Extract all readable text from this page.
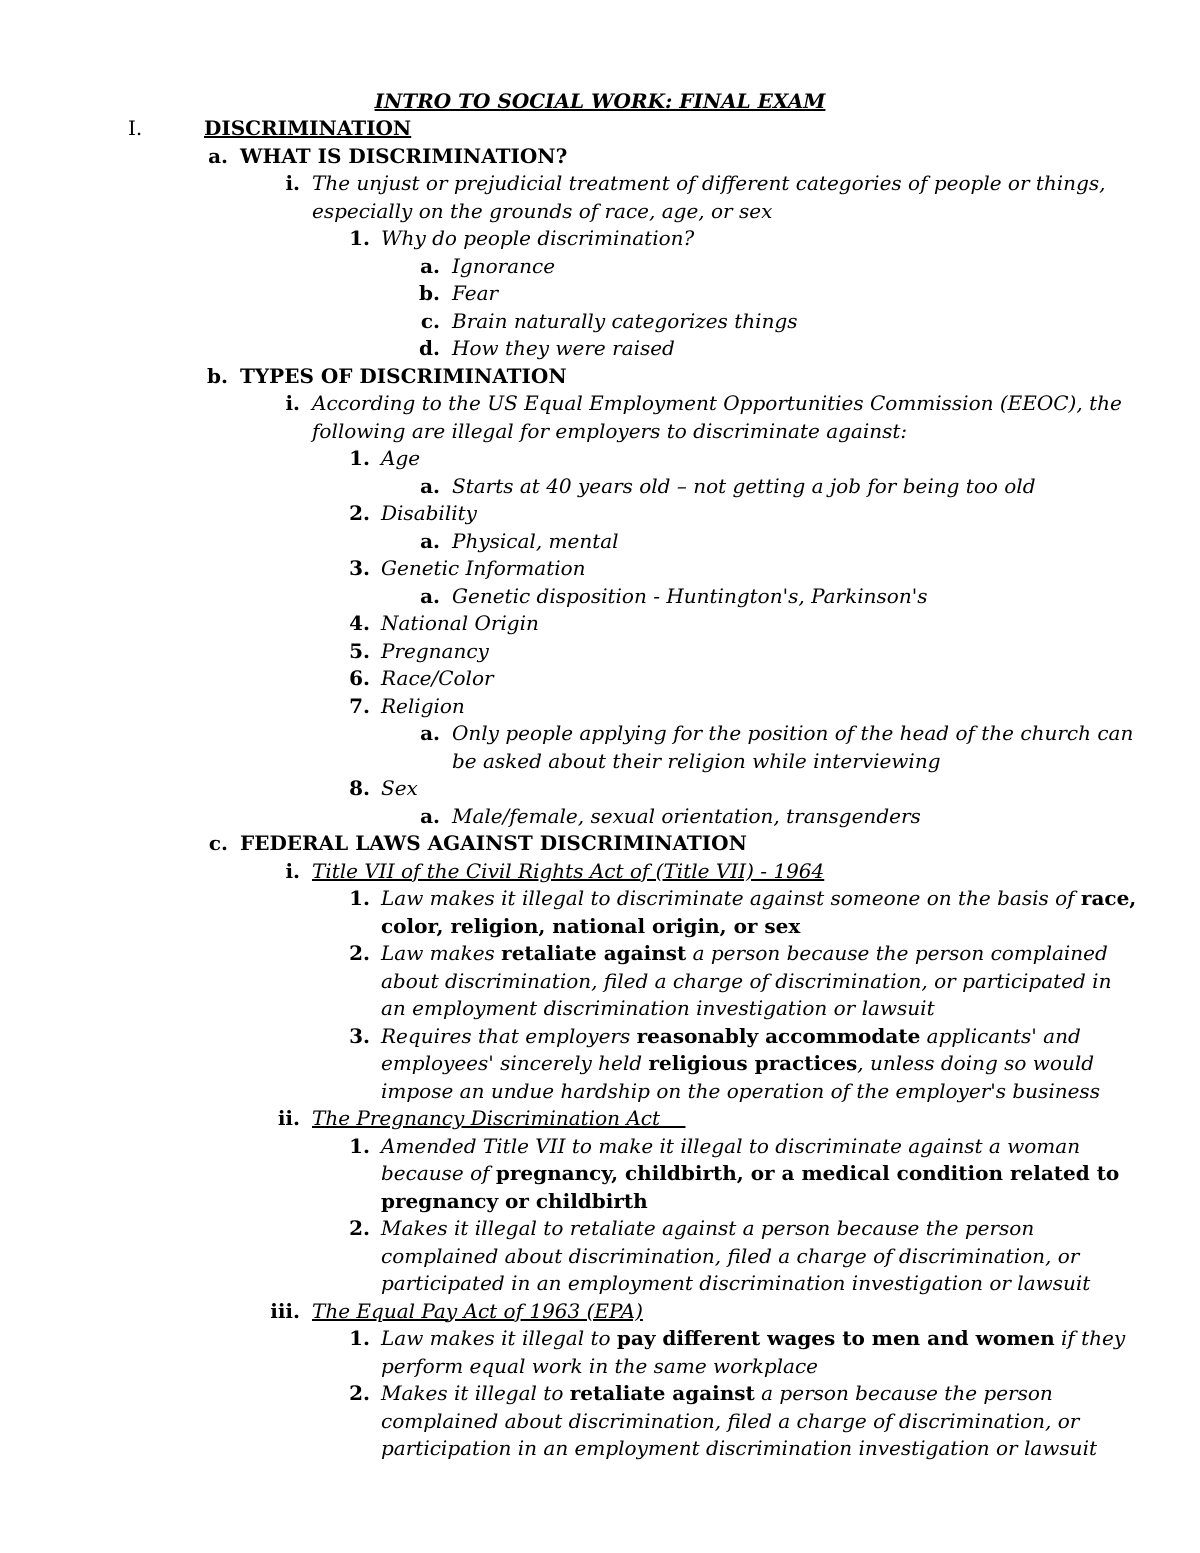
INTRO TO SOCIAL WORK: FINAL EXAM
I.	DISCRIMINATION
a. WHAT IS DISCRIMINATION?
i. The unjust or prejudicial treatment of different categories of people or things,
especially on the grounds of race, age, or sex
1. Why do people discrimination?
a. Ignorance
b. Fear
c. Brain naturally categorizes things
d. How they were raised
b. TYPES OF DISCRIMINATION
i. According to the US Equal Employment Opportunities Commission (EEOC), the
following are illegal for employers to discriminate against:
1. Age
a. Starts at 40 years old – not getting a job for being too old
2. Disability
a. Physical, mental
3. Genetic Information
a. Genetic disposition - Huntington's, Parkinson's
4. National Origin
5. Pregnancy
6. Race/Color
7. Religion
a. Only people applying for the position of the head of the church can
be asked about their religion while interviewing
8. Sex
a. Male/female, sexual orientation, transgenders
c. FEDERAL LAWS AGAINST DISCRIMINATION
i. Title VII of the Civil Rights Act of (Title VII) - 1964
1. Law makes it illegal to discriminate against someone on the basis of race,
color, religion, national origin, or sex
2. Law makes retaliate against a person because the person complained
about discrimination, filed a charge of discrimination, or participated in
an employment discrimination investigation or lawsuit
3. Requires that employers reasonably accommodate applicants' and
employees' sincerely held religious practices, unless doing so would
impose an undue hardship on the operation of the employer's business
ii. The Pregnancy Discrimination Act
1. Amended Title VII to make it illegal to discriminate against a woman
because of pregnancy, childbirth, or a medical condition related to
pregnancy or childbirth
2. Makes it illegal to retaliate against a person because the person
complained about discrimination, filed a charge of discrimination, or
participated in an employment discrimination investigation or lawsuit
iii. The Equal Pay Act of 1963 (EPA)
1. Law makes it illegal to pay different wages to men and women if they
perform equal work in the same workplace
2. Makes it illegal to retaliate against a person because the person
complained about discrimination, filed a charge of discrimination, or
participation in an employment discrimination investigation or lawsuit
